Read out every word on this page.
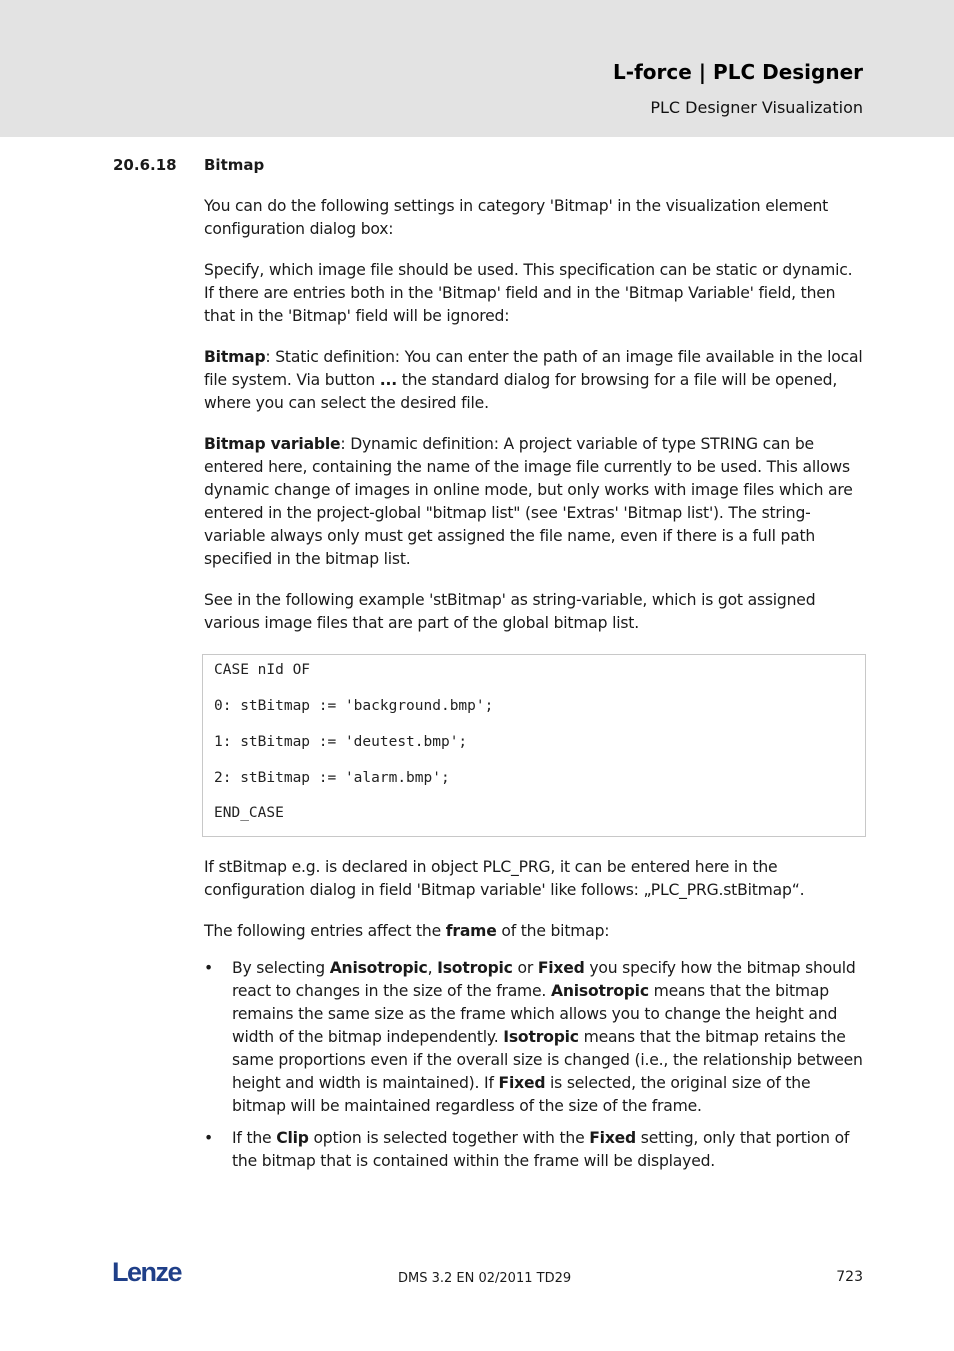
L-force | PLC Designer
PLC Designer Visualization
20.6.18 Bitmap

You can do the following settings in category 'Bitmap' in the visualization element configuration dialog box:

Specify, which image file should be used. This specification can be static or dynamic. If there are entries both in the 'Bitmap' field and in the 'Bitmap Variable' field, then that in the 'Bitmap' field will be ignored:

Bitmap: Static definition: You can enter the path of an image file available in the local file system. Via button ... the standard dialog for browsing for a file will be opened, where you can select the desired file.

Bitmap variable: Dynamic definition: A project variable of type STRING can be entered here, containing the name of the image file currently to be used. This allows dynamic change of images in online mode, but only works with image files which are entered in the project-global "bitmap list" (see 'Extras' 'Bitmap list'). The string-variable always only must get assigned the file name, even if there is a full path specified in the bitmap list.

See in the following example 'stBitmap' as string-variable, which is got assigned various image files that are part of the global bitmap list.

CASE nId OF
0: stBitmap := 'background.bmp';
1: stBitmap := 'deutest.bmp';
2: stBitmap := 'alarm.bmp';
END_CASE

If stBitmap e.g. is declared in object PLC_PRG, it can be entered here in the configuration dialog in field 'Bitmap variable' like follows: „PLC_PRG.stBitmap“.

The following entries affect the frame of the bitmap:

• By selecting Anisotropic, Isotropic or Fixed you specify how the bitmap should react to changes in the size of the frame. Anisotropic means that the bitmap remains the same size as the frame which allows you to change the height and width of the bitmap independently. Isotropic means that the bitmap retains the same proportions even if the overall size is changed (i.e., the relationship between height and width is maintained). If Fixed is selected, the original size of the bitmap will be maintained regardless of the size of the frame.

• If the Clip option is selected together with the Fixed setting, only that portion of the bitmap that is contained within the frame will be displayed.

Lenze	DMS 3.2 EN 02/2011 TD29	723
